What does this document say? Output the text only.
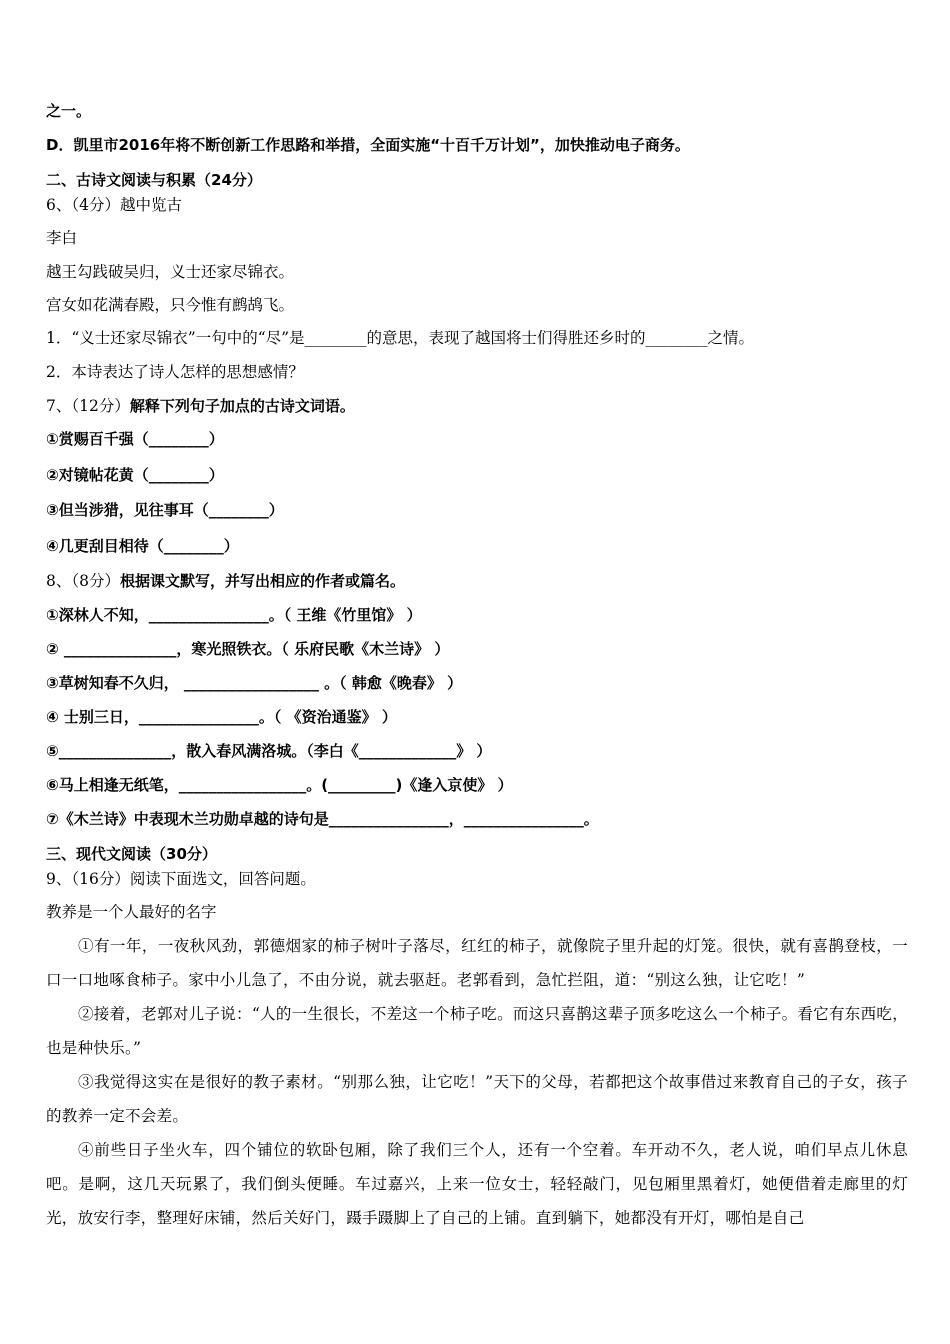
之一。
D．凯里市2016年将不断创新工作思路和举措，全面实施“十百千万计划”，加快推动电子商务。
二、古诗文阅读与积累（24分）
6、（4分）越中览古
李白
越王勾践破吴归，义士还家尽锦衣。
宫女如花满春殿，只今惟有鹧鸪飞。
1．“义士还家尽锦衣”一句中的“尽”是________的意思，表现了越国将士们得胜还乡时的________之情。
2．本诗表达了诗人怎样的思想感情？
7、（12分）解释下列句子加点的古诗文词语。
①赏赐百千强（________）
②对镜帖花黄（________）
③但当涉猎，见往事耳（________）
④几更刮目相待（________）
8、（8分）根据课文默写，并写出相应的作者或篇名。
①深林人不知，________________。（ 王维《竹里馆》 ）
② _______________，寒光照铁衣。（ 乐府民歌《木兰诗》 ）
③草树知春不久归， __________________ 。（ 韩愈《晚春》 ）
④ 士别三日，________________。（ 《资治通鉴》 ）
⑤_______________，散入春风满洛城。（李白《_____________》 ）
⑥马上相逢无纸笔，_________________。(_________)《逢入京使》 ）
⑦《木兰诗》中表现木兰功勋卓越的诗句是________________，________________。
三、现代文阅读（30分）
9、（16分）阅读下面选文，回答问题。
教养是一个人最好的名字
①有一年，一夜秋风劲，郭德烟家的柿子树叶子落尽，红红的柿子，就像院子里升起的灯笼。很快，就有喜鹊登枝，一口一口地啄食柿子。家中小儿急了，不由分说，就去驱赶。老郭看到，急忙拦阻，道：“别这么独，让它吃！”
②接着，老郭对儿子说：“人的一生很长，不差这一个柿子吃。而这只喜鹊这辈子顶多吃这么一个柿子。看它有东西吃，也是种快乐。”
③我觉得这实在是很好的教子素材。“别那么独，让它吃！”天下的父母，若都把这个故事借过来教育自己的子女，孩子的教养一定不会差。
④前些日子坐火车，四个铺位的软卧包厢，除了我们三个人，还有一个空着。车开动不久，老人说，咱们早点儿休息吧。是啊，这几天玩累了，我们倒头便睡。车过嘉兴，上来一位女士，轻轻敲门，见包厢里黑着灯，她便借着走廊里的灯光，放安行李，整理好床铺，然后关好门，蹑手蹑脚上了自己的上铺。直到躺下，她都没有开灯，哪怕是自己
